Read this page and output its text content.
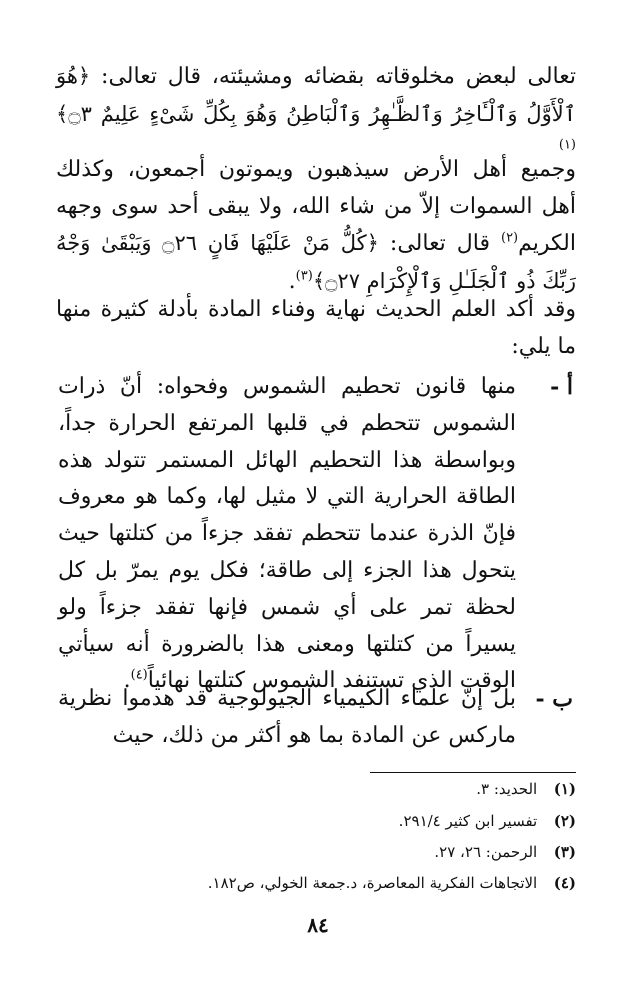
تعالى لبعض مخلوقاته بقضائه ومشيئته، قال تعالى: ﴿هُوَ ٱلْأَوَّلُ وَٱلْـَٔاخِرُ وَٱلظَّـٰهِرُ وَٱلْبَاطِنُ وَهُوَ بِكُلِّ شَىْءٍ عَلِيمٌ ۝٣﴾$^{(١)}$

وجميع أهل الأرض سيذهبون ويموتون أجمعون، وكذلك أهل السموات إلاّ من شاء الله، ولا يبقى أحد سوى وجهه الكريم$^{(٢)}$ قال تعالى: ﴿كُلُّ مَنْ عَلَيْهَا فَانٍ ۝٢٦ وَيَبْقَىٰ وَجْهُ رَبِّكَ ذُو ٱلْجَلَـٰلِ وَٱلْإِكْرَامِ ۝٢٧﴾$^{(٣)}$.

وقد أكد العلم الحديث نهاية وفناء المادة بأدلة كثيرة منها ما يلي:

أ -

منها قانون تحطيم الشموس وفحواه: أنّ ذرات الشموس تتحطم في قلبها المرتفع الحرارة جداً، وبواسطة هذا التحطيم الهائل المستمر تتولد هذه الطاقة الحرارية التي لا مثيل لها، وكما هو معروف فإنّ الذرة عندما تتحطم تفقد جزءاً من كتلتها حيث يتحول هذا الجزء إلى طاقة؛ فكل يوم يمرّ بل كل لحظة تمر على أي شمس فإنها تفقد جزءاً ولو يسيراً من كتلتها ومعنى هذا بالضرورة أنه سيأتي الوقت الذي تستنفد الشموس كتلتها نهائياً$^{(٤)}$.

ب -

بل إنّ علماء الكيمياء الجيولوجية قد هدموا نظرية ماركس عن المادة بما هو أكثر من ذلك، حيث

(١) الحديد: ٣.
(٢) تفسير ابن كثير ٢٩١/٤.
(٣) الرحمن: ٢٦، ٢٧.
(٤) الاتجاهات الفكرية المعاصرة، د.جمعة الخولي، ص١٨٢.
٨٤
